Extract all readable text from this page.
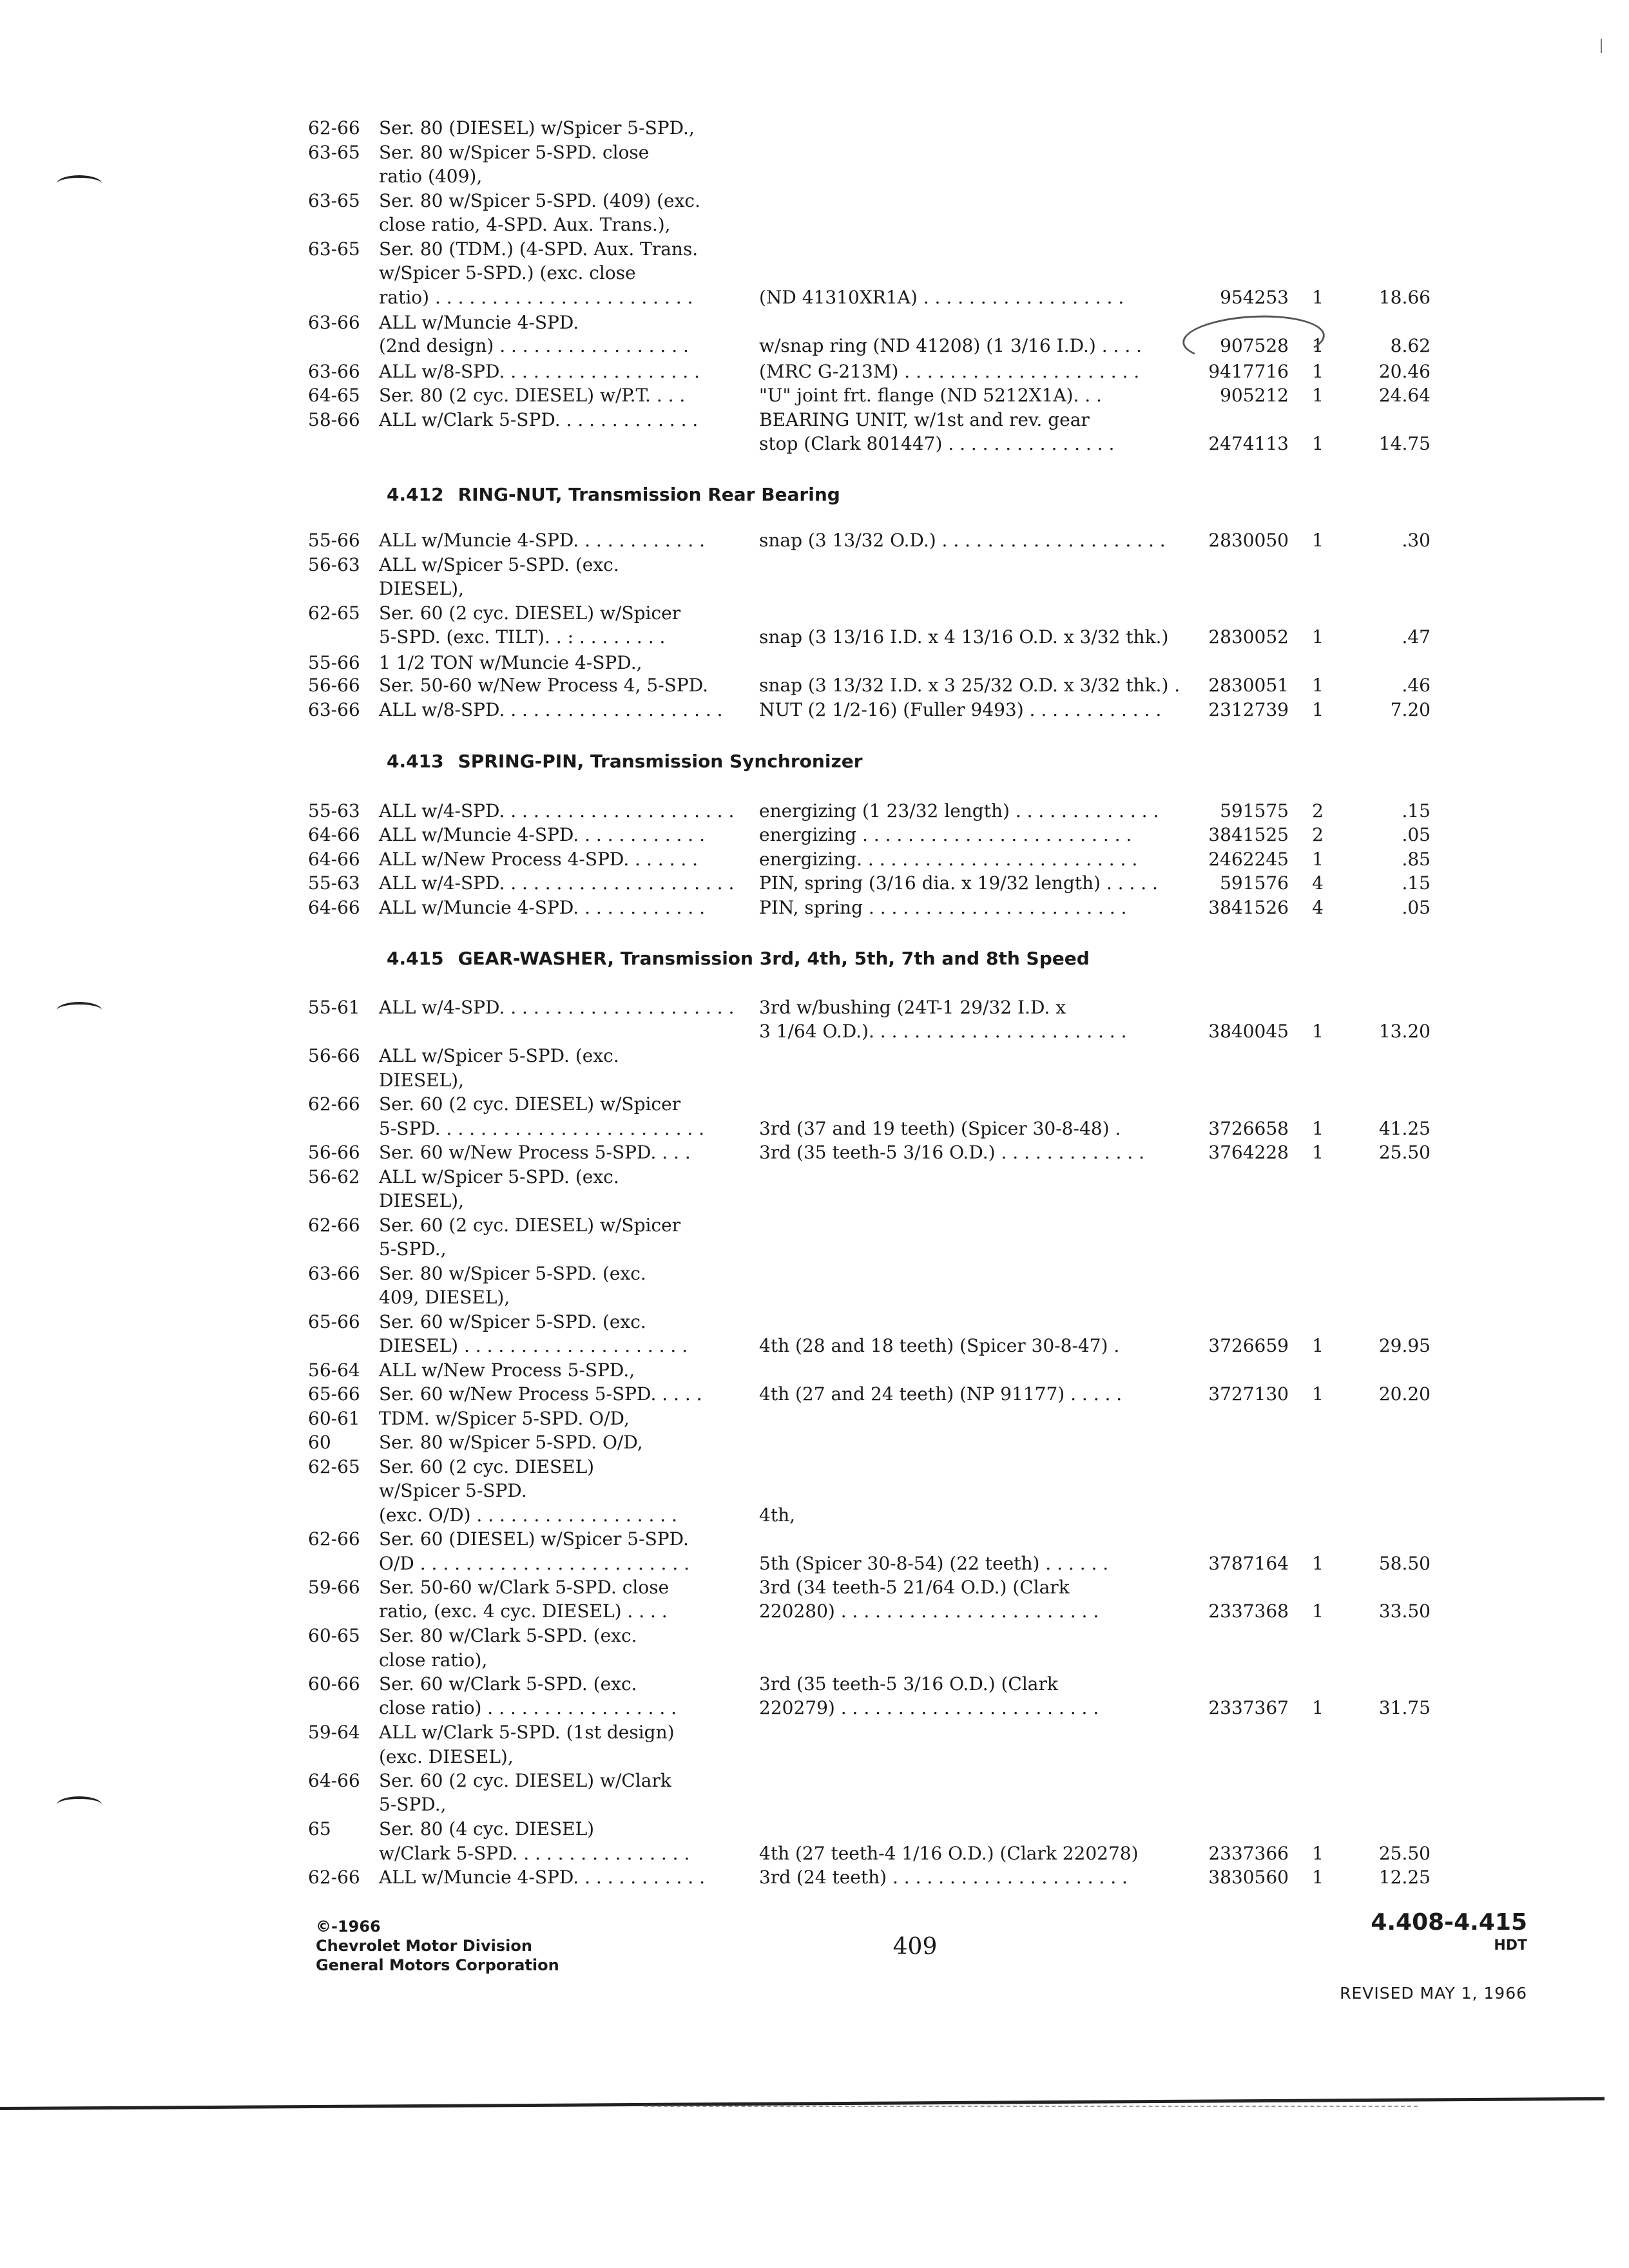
62-66 Ser. 80 (DIESEL) w/Spicer 5-SPD.,
63-65 Ser. 80 w/Spicer 5-SPD. close
ratio (409),
63-65 Ser. 80 w/Spicer 5-SPD. (409) (exc.
close ratio, 4-SPD. Aux. Trans.),
63-65 Ser. 80 (TDM.) (4-SPD. Aux. Trans.
w/Spicer 5-SPD.) (exc. close
ratio) . . . . . . . . . . . . . . . . . . . . . . .	(ND 41310XR1A) . . . . . . . . . . . . . . . . . .	954253	1	18.66
63-66 ALL w/Muncie 4-SPD.
(2nd design) . . . . . . . . . . . . . . . . .	w/snap ring (ND 41208) (1 3/16 I.D.) . . . .	907528	1	8.62
63-66 ALL w/8-SPD. . . . . . . . . . . . . . . . . .	(MRC G-213M) . . . . . . . . . . . . . . . . . . . . .	9417716	1	20.46
64-65 Ser. 80 (2 cyc. DIESEL) w/P.T. . . .	"U" joint frt. flange (ND 5212X1A). . .	905212	1	24.64
58-66 ALL w/Clark 5-SPD. . . . . . . . . . . . .	BEARING UNIT, w/1st and rev. gear
stop (Clark 801447) . . . . . . . . . . . . . . .	2474113	1	14.75
55-66 ALL w/Muncie 4-SPD. . . . . . . . . . . .	snap (3 13/32 O.D.) . . . . . . . . . . . . . . . . . . . .	2830050	1	.30
56-63 ALL w/Spicer 5-SPD. (exc.
DIESEL),
62-65 Ser. 60 (2 cyc. DIESEL) w/Spicer
5-SPD. (exc. TILT). . : . . . . . . . .	snap (3 13/16 I.D. x 4 13/16 O.D. x 3/32 thk.)	2830052	1	.47
55-66 1 1/2 TON w/Muncie 4-SPD.,
56-66 Ser. 50-60 w/New Process 4, 5-SPD.	snap (3 13/32 I.D. x 3 25/32 O.D. x 3/32 thk.) .	2830051	1	.46
63-66 ALL w/8-SPD. . . . . . . . . . . . . . . . . . . . NUT (2 1/2-16) (Fuller 9493) . . . . . . . . . . . .	2312739	1	7.20
55-63 ALL w/4-SPD. . . . . . . . . . . . . . . . . . . . . energizing (1 23/32 length) . . . . . . . . . . . . .	591575	2	.15
64-66 ALL w/Muncie 4-SPD. . . . . . . . . . . .	energizing . . . . . . . . . . . . . . . . . . . . . . . .	3841525	2	.05
64-66 ALL w/New Process 4-SPD. . . . . . .	energizing. . . . . . . . . . . . . . . . . . . . . . . . .	2462245	1	.85
55-63 ALL w/4-SPD. . . . . . . . . . . . . . . . . . . . . PIN, spring (3/16 dia. x 19/32 length) . . . . .	591576	4	.15
64-66 ALL w/Muncie 4-SPD. . . . . . . . . . . .	PIN, spring . . . . . . . . . . . . . . . . . . . . . . .	3841526	4	.05
55-61 ALL w/4-SPD. . . . . . . . . . . . . . . . . . . . . 3rd w/bushing (24T-1 29/32 I.D. x
3 1/64 O.D.). . . . . . . . . . . . . . . . . . . . . . .	3840045	1	13.20
56-66 ALL w/Spicer 5-SPD. (exc.
DIESEL),
62-66 Ser. 60 (2 cyc. DIESEL) w/Spicer
5-SPD. . . . . . . . . . . . . . . . . . . . . . . .	3rd (37 and 19 teeth) (Spicer 30-8-48) .	3726658	1	41.25
56-66 Ser. 60 w/New Process 5-SPD. . . .	3rd (35 teeth-5 3/16 O.D.) . . . . . . . . . . . . .	3764228	1	25.50
56-62 ALL w/Spicer 5-SPD. (exc.
DIESEL),
62-66 Ser. 60 (2 cyc. DIESEL) w/Spicer
5-SPD.,
63-66 Ser. 80 w/Spicer 5-SPD. (exc.
409, DIESEL),
65-66 Ser. 60 w/Spicer 5-SPD. (exc.
DIESEL) . . . . . . . . . . . . . . . . . . . .	4th (28 and 18 teeth) (Spicer 30-8-47) .	3726659	1	29.95
56-64 ALL w/New Process 5-SPD.,
65-66 Ser. 60 w/New Process 5-SPD. . . . .	4th (27 and 24 teeth) (NP 91177) . . . . .	3727130	1	20.20
60-61 TDM. w/Spicer 5-SPD. O/D,
60	Ser. 80 w/Spicer 5-SPD. O/D,
62-65 Ser. 60 (2 cyc. DIESEL)
w/Spicer 5-SPD.
(exc. O/D) . . . . . . . . . . . . . . . . . .	4th,
62-66 Ser. 60 (DIESEL) w/Spicer 5-SPD.
O/D . . . . . . . . . . . . . . . . . . . . . . . .	5th (Spicer 30-8-54) (22 teeth) . . . . . .	3787164	1	58.50
59-66 Ser. 50-60 w/Clark 5-SPD. close	3rd (34 teeth-5 21/64 O.D.) (Clark
ratio, (exc. 4 cyc. DIESEL) . . . .	220280) . . . . . . . . . . . . . . . . . . . . . . .	2337368	1	33.50
60-65 Ser. 80 w/Clark 5-SPD. (exc.
close ratio),
60-66 Ser. 60 w/Clark 5-SPD. (exc.	3rd (35 teeth-5 3/16 O.D.) (Clark
close ratio) . . . . . . . . . . . . . . . . .	220279) . . . . . . . . . . . . . . . . . . . . . . .	2337367	1	31.75
59-64 ALL w/Clark 5-SPD. (1st design)
(exc. DIESEL),
64-66 Ser. 60 (2 cyc. DIESEL) w/Clark
5-SPD.,
65	Ser. 80 (4 cyc. DIESEL)
w/Clark 5-SPD. . . . . . . . . . . . . . . .	4th (27 teeth-4 1/16 O.D.) (Clark 220278)	2337366	1	25.50
62-66 ALL w/Muncie 4-SPD. . . . . . . . . . . .	3rd (24 teeth) . . . . . . . . . . . . . . . . . . . . .	3830560	1	12.25
4.412 RING-NUT, Transmission Rear Bearing
4.413 SPRING-PIN, Transmission Synchronizer
4.415 GEAR-WASHER, Transmission 3rd, 4th, 5th, 7th and 8th Speed
©-1966
Chevrolet Motor Division
General Motors Corporation
409
4.408-4.415
HDT
REVISED MAY 1, 1966
